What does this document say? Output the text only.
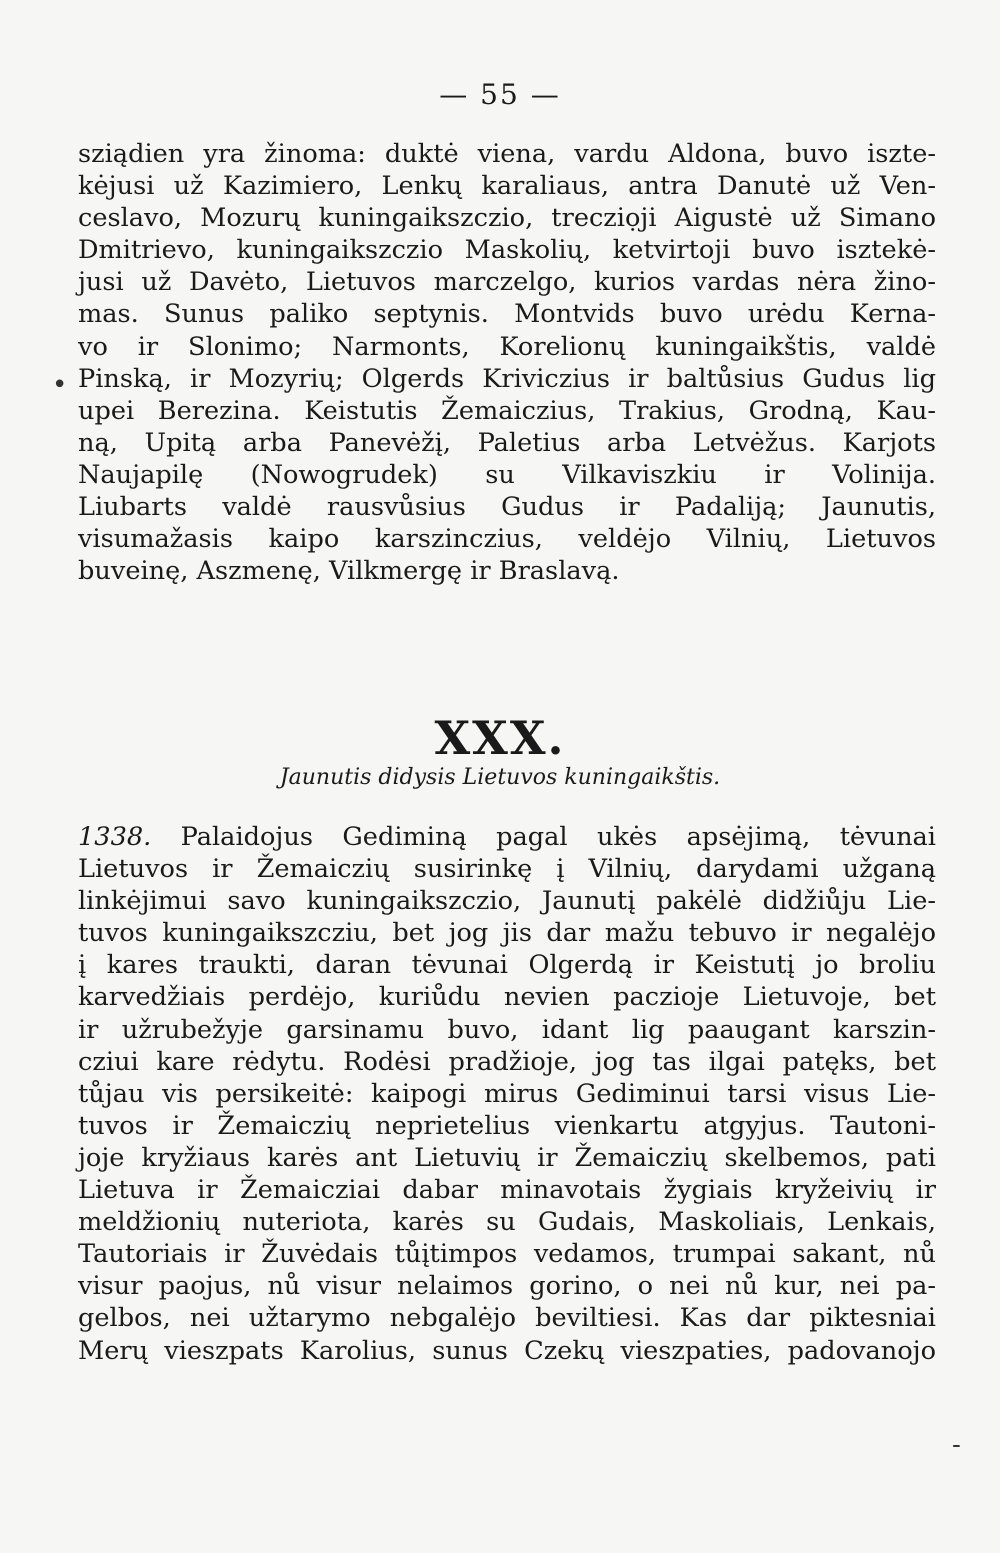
— 55 —
•
-
sziądien yra žinoma: duktė viena, vardu Aldona, buvo iszte-
kėjusi už Kazimiero, Lenkų karaliaus, antra Danutė už Ven-
ceslavo, Mozurų kuningaikszczio, trecziọji Aigustė už Simano
Dmitrievo, kuningaikszczio Maskolių, ketvirtoji buvo isztekė-
jusi už Davėto, Lietuvos marczelgo, kurios vardas nėra žino-
mas. Sunus paliko septynis. Montvids buvo urėdu Kerna-
vo ir Slonimo; Narmonts, Korelionų kuningaikštis, valdė
Pinską, ir Mozyrių; Olgerds Kriviczius ir baltůsius Gudus lig
upei Berezina. Keistutis Žemaiczius, Trakius, Grodną, Kau-
ną, Upitą arba Panevėžį, Paletius arba Letvėžus. Karjots
Naujapilę (Nowogrudek) su Vilkaviszkiu ir Volinija.
Liubarts valdė rausvůsius Gudus ir Padaliją; Jaunutis,
visumažasis kaipo karszinczius, veldėjo Vilnių, Lietuvos
buveinę, Aszmenę, Vilkmergę ir Braslavą.
XXX.
Jaunutis didysis Lietuvos kuningaikštis.
1338. Palaidojus Gediminą pagal ukės apsėjimą, tėvunai
Lietuvos ir Žemaiczių susirinkę į Vilnių, darydami užganą
linkėjimui savo kuningaikszczio, Jaunutį pakėlė didžiůju Lie-
tuvos kuningaikszcziu, bet jog jis dar mažu tebuvo ir negalėjo
į kares traukti, daran tėvunai Olgerdą ir Keistutį jo broliu
karvedžiais perdėjo, kuriůdu nevien paczioje Lietuvoje, bet
ir užrubežyje garsinamu buvo, idant lig paaugant karszin-
cziui kare rėdytu. Rodėsi pradžioje, jog tas ilgai patęks, bet
tůjau vis persikeitė: kaipogi mirus Gediminui tarsi visus Lie-
tuvos ir Žemaiczių neprietelius vienkartu atgyjus. Tautoni-
joje kryžiaus karės ant Lietuvių ir Žemaiczių skelbemos, pati
Lietuva ir Žemaicziai dabar minavotais žygiais kryžeivių ir
meldžionių nuteriota, karės su Gudais, Maskoliais, Lenkais,
Tautoriais ir Žuvėdais tůįtimpos vedamos, trumpai sakant, nů
visur paojus, nů visur nelaimos gorino, o nei nů kur, nei pa-
gelbos, nei užtarymo nebgalėjo beviltiesi. Kas dar piktesniai
Merų vieszpats Karolius, sunus Czekų vieszpaties, padovanojo
